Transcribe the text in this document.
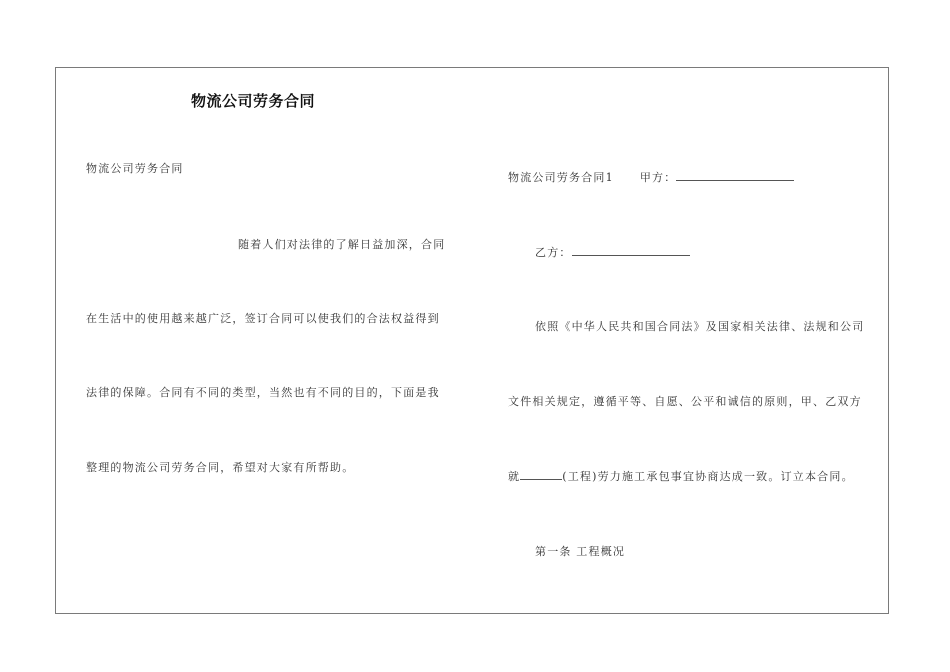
物流公司劳务合同
物流公司劳务合同
随着人们对法律的了解日益加深，合同
在生活中的使用越来越广泛，签订合同可以使我们的合法权益得到
法律的保障。合同有不同的类型，当然也有不同的目的，下面是我
整理的物流公司劳务合同，希望对大家有所帮助。
物流公司劳务合同1 甲方：
乙方：
依照《中华人民共和国合同法》及国家相关法律、法规和公司
文件相关规定，遵循平等、自愿、公平和诚信的原则，甲、乙双方
就	(工程)劳力施工承包事宜协商达成一致。订立本合同。
第一条 工程概况
